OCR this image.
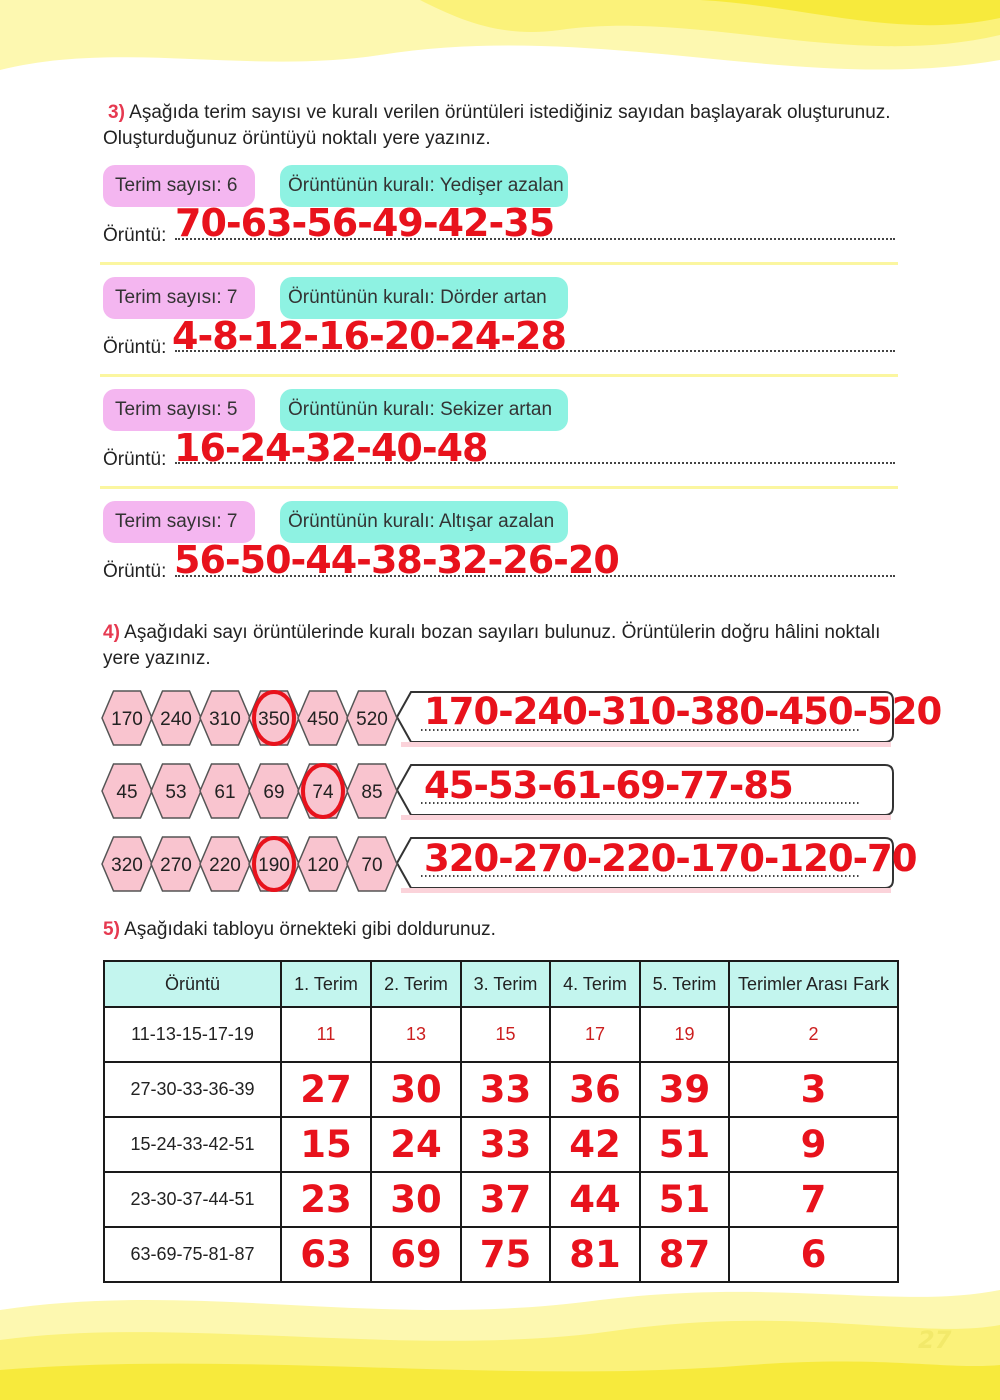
3) Aşağıda terim sayısı ve kuralı verilen örüntüleri istediğiniz sayıdan başlayarak oluşturunuz.
Oluşturduğunuz örüntüyü noktalı yere yazınız.
Terim sayısı: 6	Örüntünün kuralı: Yedişer azalan
Örüntü: 70-63-56-49-42-35
Terim sayısı: 7	Örüntünün kuralı: Dörder artan
Örüntü: 4-8-12-16-20-24-28
Terim sayısı: 5	Örüntünün kuralı: Sekizer artan
Örüntü: 16-24-32-40-48
Terim sayısı: 7	Örüntünün kuralı: Altışar azalan
Örüntü: 56-50-44-38-32-26-20
4) Aşağıdaki sayı örüntülerinde kuralı bozan sayıları bulunuz. Örüntülerin doğru hâlini noktalı
yere yazınız.
170 240 310 350 450 520
45 53 61 69 74 85
320 270 220 190 120 70
170-240-310-380-450-520
45-53-61-69-77-85
320-270-220-170-120-70
5) Aşağıdaki tabloyu örnekteki gibi doldurunuz.
Örüntü	1. Terim	2. Terim	3. Terim	4. Terim	5. Terim	Terimler Arası Fark
11-13-15-17-19	11	13	15	17	19	2
27-30-33-36-39	27	30	33	36	39	3
15-24-33-42-51	15	24	33	42	51	9
23-30-37-44-51	23	30	37	44	51	7
63-69-75-81-87	63	69	75	81	87	6
27
